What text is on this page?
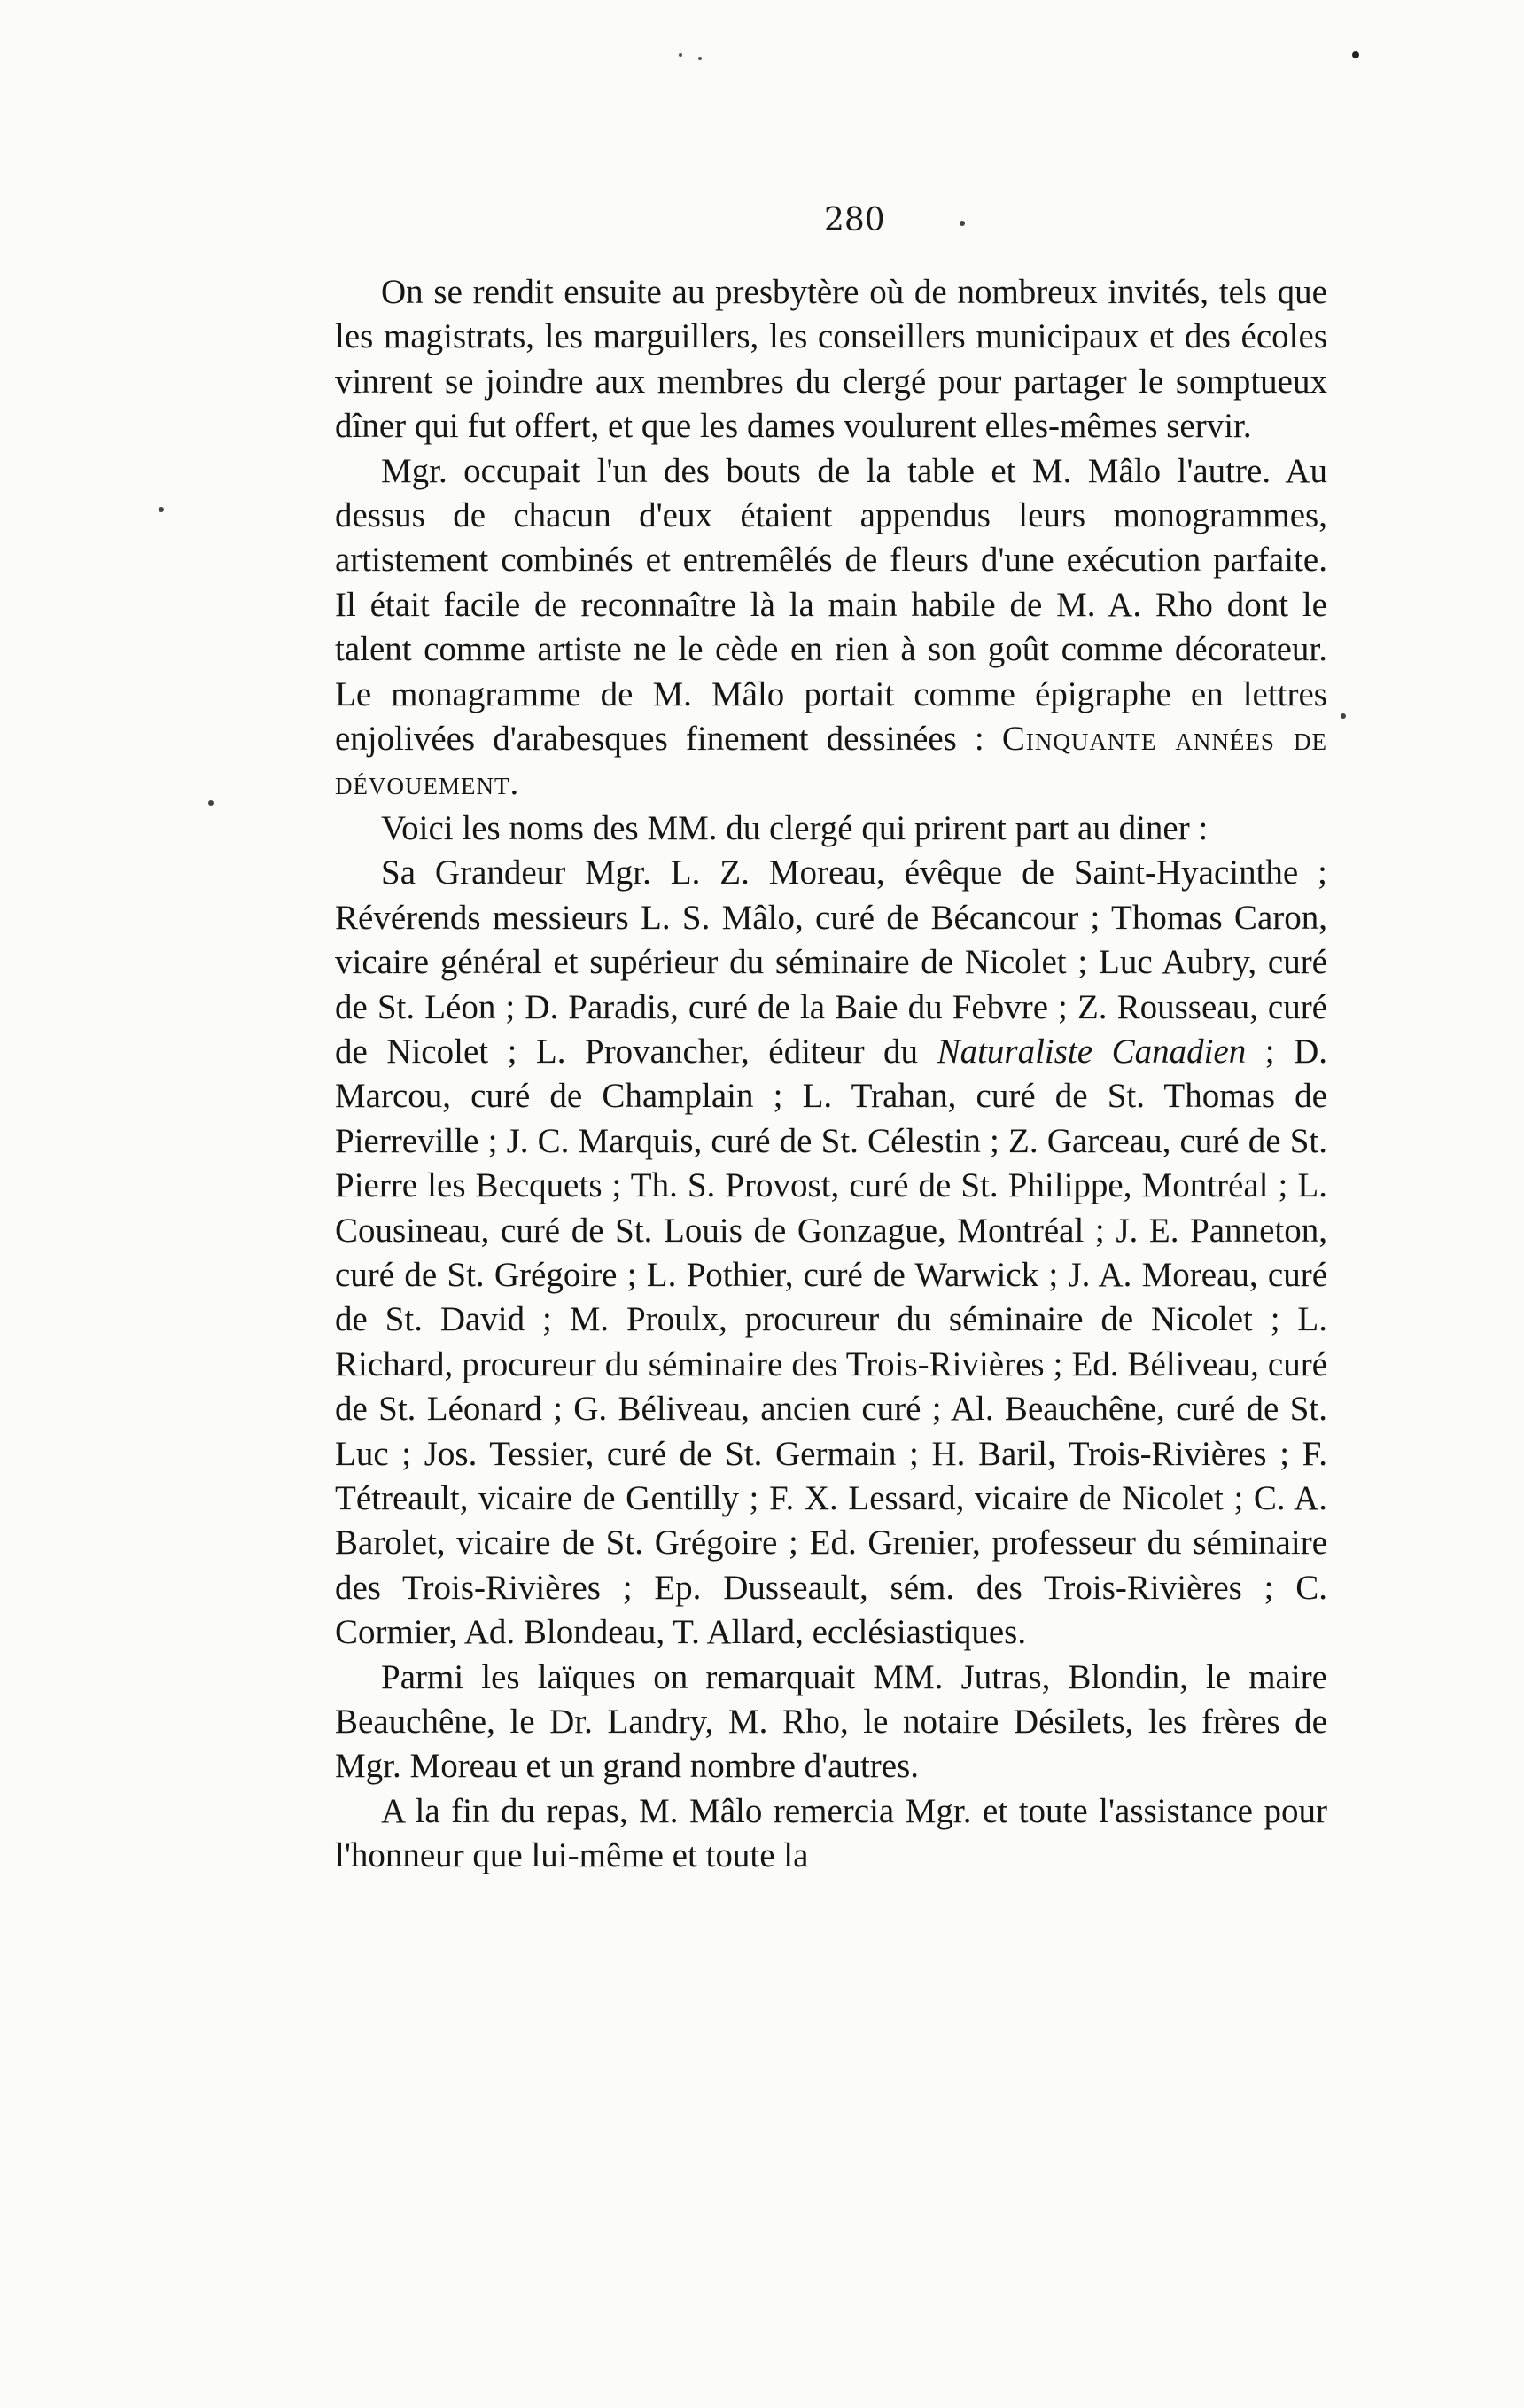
280

On se rendit ensuite au presbytère où de nombreux invités, tels que les magistrats, les marguillers, les conseillers municipaux et des écoles vinrent se joindre aux membres du clergé pour partager le somptueux dîner qui fut offert, et que les dames voulurent elles-mêmes servir.

Mgr. occupait l'un des bouts de la table et M. Mâlo l'autre. Au dessus de chacun d'eux étaient appendus leurs monogrammes, artistement combinés et entremêlés de fleurs d'une exécution parfaite. Il était facile de reconnaître là la main habile de M. A. Rho dont le talent comme artiste ne le cède en rien à son goût comme décorateur. Le monagramme de M. Mâlo portait comme épigraphe en lettres enjolivées d'arabesques finement dessinées : Cinquante années de dévouement.

Voici les noms des MM. du clergé qui prirent part au diner :

Sa Grandeur Mgr. L. Z. Moreau, évêque de Saint-Hyacinthe ; Révérends messieurs L. S. Mâlo, curé de Bécancour ; Thomas Caron, vicaire général et supérieur du séminaire de Nicolet ; Luc Aubry, curé de St. Léon ; D. Paradis, curé de la Baie du Febvre ; Z. Rousseau, curé de Nicolet ; L. Provancher, éditeur du Naturaliste Canadien ; D. Marcou, curé de Champlain ; L. Trahan, curé de St. Thomas de Pierreville ; J. C. Marquis, curé de St. Célestin ; Z. Garceau, curé de St. Pierre les Becquets ; Th. S. Provost, curé de St. Philippe, Montréal ; L. Cousineau, curé de St. Louis de Gonzague, Montréal ; J. E. Panneton, curé de St. Grégoire ; L. Pothier, curé de Warwick ; J. A. Moreau, curé de St. David ; M. Proulx, procureur du séminaire de Nicolet ; L. Richard, procureur du séminaire des Trois-Rivières ; Ed. Béliveau, curé de St. Léonard ; G. Béliveau, ancien curé ; Al. Beauchêne, curé de St. Luc ; Jos. Tessier, curé de St. Germain ; H. Baril, Trois-Rivières ; F. Tétreault, vicaire de Gentilly ; F. X. Lessard, vicaire de Nicolet ; C. A. Barolet, vicaire de St. Grégoire ; Ed. Grenier, professeur du séminaire des Trois-Rivières ; Ep. Dusseault, sém. des Trois-Rivières ; C. Cormier, Ad. Blondeau, T. Allard, ecclésiastiques.

Parmi les laïques on remarquait MM. Jutras, Blondin, le maire Beauchêne, le Dr. Landry, M. Rho, le notaire Désilets, les frères de Mgr. Moreau et un grand nombre d'autres.

A la fin du repas, M. Mâlo remercia Mgr. et toute l'assistance pour l'honneur que lui-même et toute la
